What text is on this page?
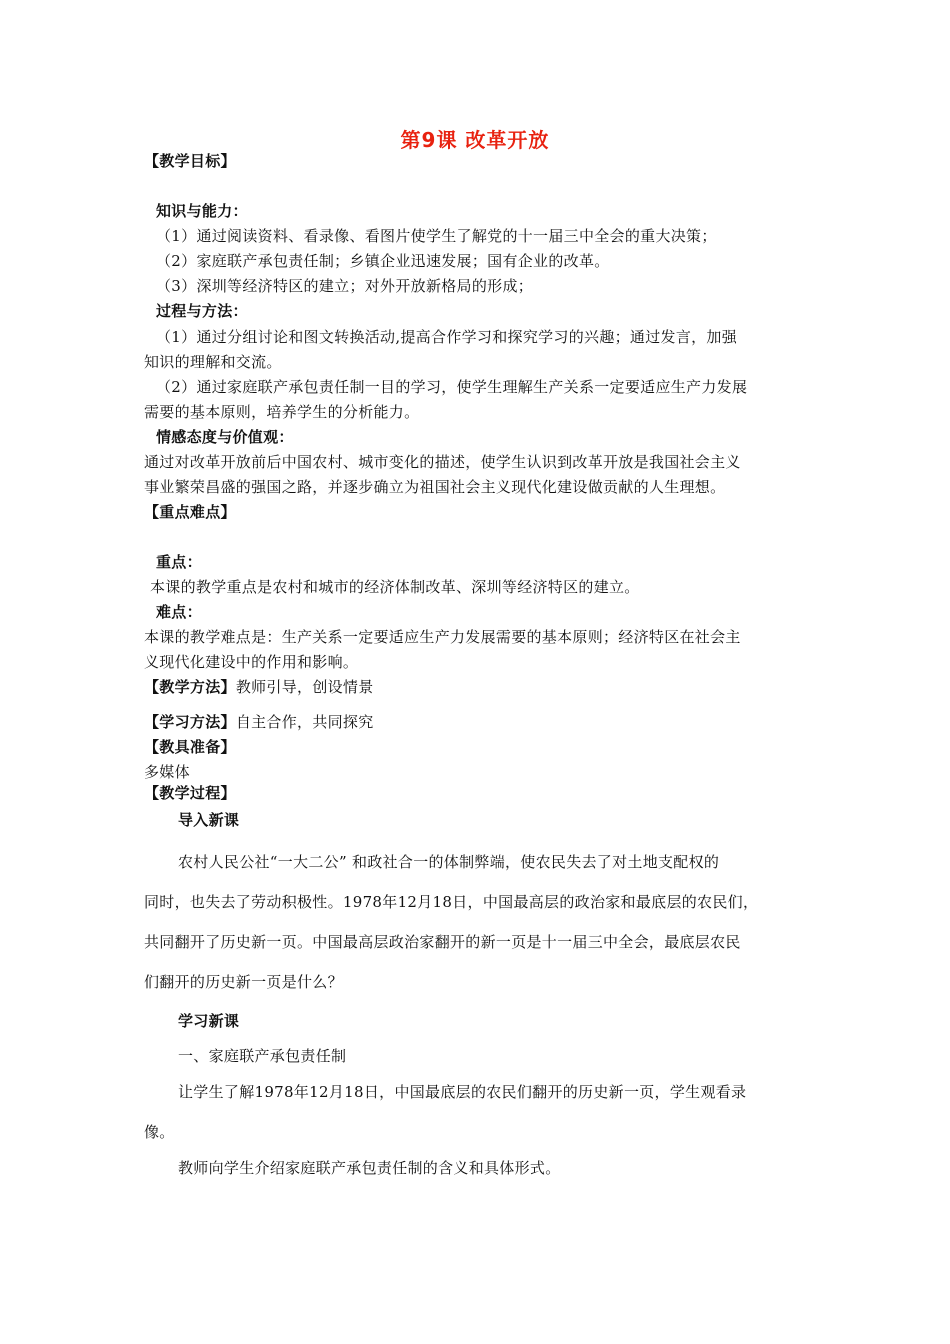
第9课 改革开放
【教学目标】
知识与能力：
（1）通过阅读资料、看录像、看图片使学生了解党的十一届三中全会的重大决策；
（2）家庭联产承包责任制；乡镇企业迅速发展；国有企业的改革。
（3）深圳等经济特区的建立；对外开放新格局的形成；
过程与方法：
（1）通过分组讨论和图文转换活动,提高合作学习和探究学习的兴趣；通过发言，加强
知识的理解和交流。
（2）通过家庭联产承包责任制一目的学习，使学生理解生产关系一定要适应生产力发展
需要的基本原则，培养学生的分析能力。
情感态度与价值观：
通过对改革开放前后中国农村、城市变化的描述，使学生认识到改革开放是我国社会主义
事业繁荣昌盛的强国之路，并逐步确立为祖国社会主义现代化建设做贡献的人生理想。
【重点难点】
重点：
本课的教学重点是农村和城市的经济体制改革、深圳等经济特区的建立。
难点：
本课的教学难点是：生产关系一定要适应生产力发展需要的基本原则；经济特区在社会主
义现代化建设中的作用和影响。
【教学方法】教师引导，创设情景
【学习方法】自主合作，共同探究
【教具准备】
多媒体
【教学过程】
导入新课
农村人民公社“一大二公” 和政社合一的体制弊端，使农民失去了对土地支配权的
同时，也失去了劳动积极性。1978年12月18日，中国最高层的政治家和最底层的农民们，
共同翻开了历史新一页。中国最高层政治家翻开的新一页是十一届三中全会，最底层农民
们翻开的历史新一页是什么？
学习新课
一、家庭联产承包责任制
让学生了解1978年12月18日，中国最底层的农民们翻开的历史新一页，学生观看录
像。
教师向学生介绍家庭联产承包责任制的含义和具体形式。
